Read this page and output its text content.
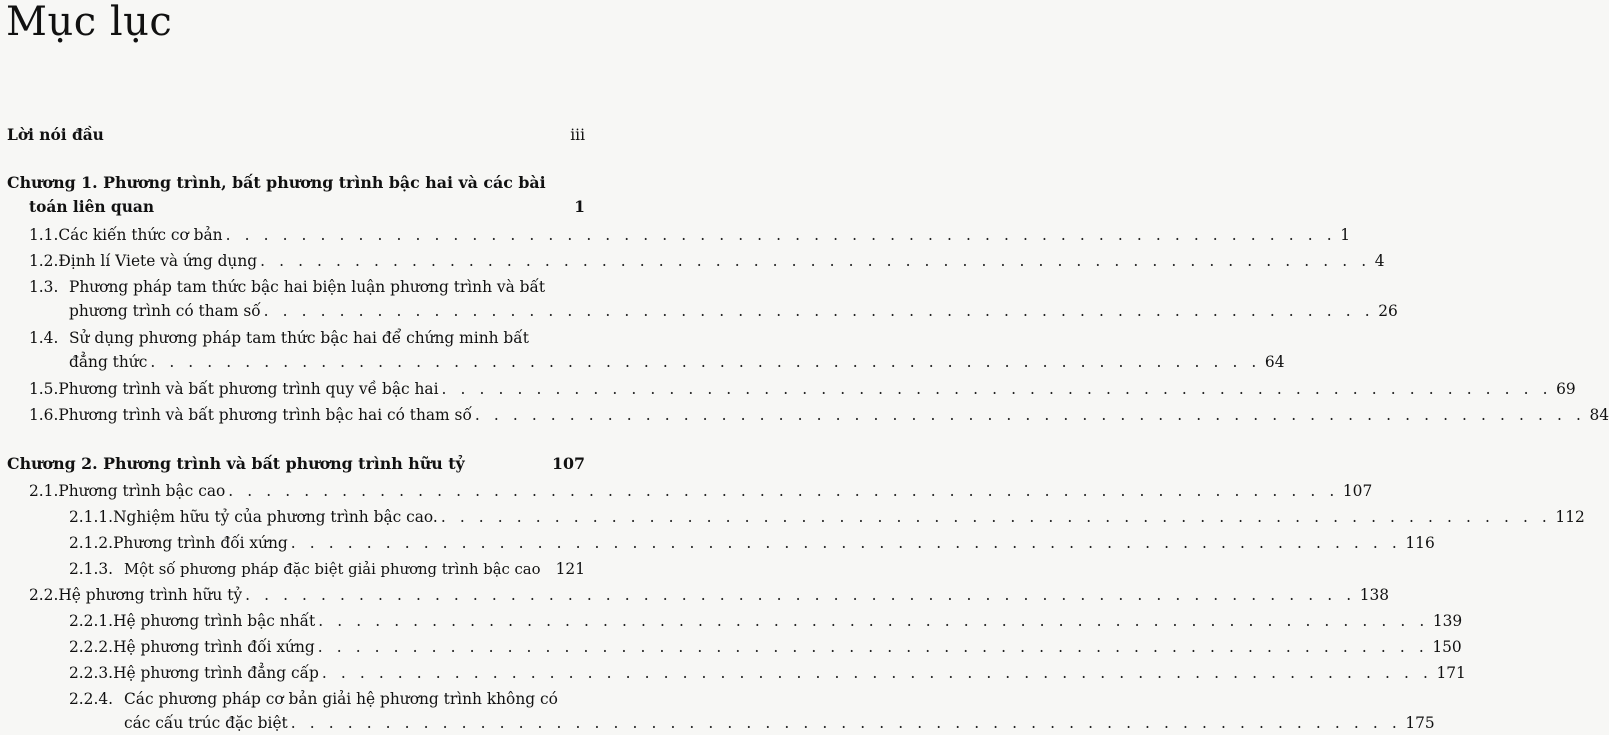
Mục lục
Lời nói đầu	iii
Chương 1. Phương trình, bất phương trình bậc hai và các bài
toán liên quan	1
1.1. Các kiến thức cơ bản . . . . . . . . . . . . . . . . . . . . . . . . . . . . . . . . . . . . . . . . . . . . . . . . . . . . . . . . . . . 1
1.2. Định lí Viete và ứng dụng . . . . . . . . . . . . . . . . . . . . . . . . . . . . . . . . . . . . . . . . . . . . . . . . . . . . . . . . . . . 4
1.3. Phương pháp tam thức bậc hai biện luận phương trình và bất
phương trình có tham số . . . . . . . . . . . . . . . . . . . . . . . . . . . . . . . . . . . . . . . . . . . . . . . . . . . . . . . . . . . 26
1.4. Sử dụng phương pháp tam thức bậc hai để chứng minh bất
đẳng thức . . . . . . . . . . . . . . . . . . . . . . . . . . . . . . . . . . . . . . . . . . . . . . . . . . . . . . . . . . . 64
1.5. Phương trình và bất phương trình quy về bậc hai . . . . . . . . . . . . . . . . . . . . . . . . . . . . . . . . . . . . . . . . . . . . . . . . . . . . . . . . . . . 69
1.6. Phương trình và bất phương trình bậc hai có tham số . . . . . . . . . . . . . . . . . . . . . . . . . . . . . . . . . . . . . . . . . . . . . . . . . . . . . . . . . . . 84
Chương 2. Phương trình và bất phương trình hữu tỷ	107
2.1. Phương trình bậc cao . . . . . . . . . . . . . . . . . . . . . . . . . . . . . . . . . . . . . . . . . . . . . . . . . . . . . . . . . . . 107
2.1.1. Nghiệm hữu tỷ của phương trình bậc cao. . . . . . . . . . . . . . . . . . . . . . . . . . . . . . . . . . . . . . . . . . . . . . . . . . . . . . . . . . . . 112
2.1.2. Phương trình đối xứng . . . . . . . . . . . . . . . . . . . . . . . . . . . . . . . . . . . . . . . . . . . . . . . . . . . . . . . . . . . 116
2.1.3. Một số phương pháp đặc biệt giải phương trình bậc cao 121
2.2. Hệ phương trình hữu tỷ . . . . . . . . . . . . . . . . . . . . . . . . . . . . . . . . . . . . . . . . . . . . . . . . . . . . . . . . . . . 138
2.2.1. Hệ phương trình bậc nhất . . . . . . . . . . . . . . . . . . . . . . . . . . . . . . . . . . . . . . . . . . . . . . . . . . . . . . . . . . . 139
2.2.2. Hệ phương trình đối xứng . . . . . . . . . . . . . . . . . . . . . . . . . . . . . . . . . . . . . . . . . . . . . . . . . . . . . . . . . . . 150
2.2.3. Hệ phương trình đẳng cấp . . . . . . . . . . . . . . . . . . . . . . . . . . . . . . . . . . . . . . . . . . . . . . . . . . . . . . . . . . . 171
2.2.4. Các phương pháp cơ bản giải hệ phương trình không có
các cấu trúc đặc biệt . . . . . . . . . . . . . . . . . . . . . . . . . . . . . . . . . . . . . . . . . . . . . . . . . . . . . . . . . . . 175
